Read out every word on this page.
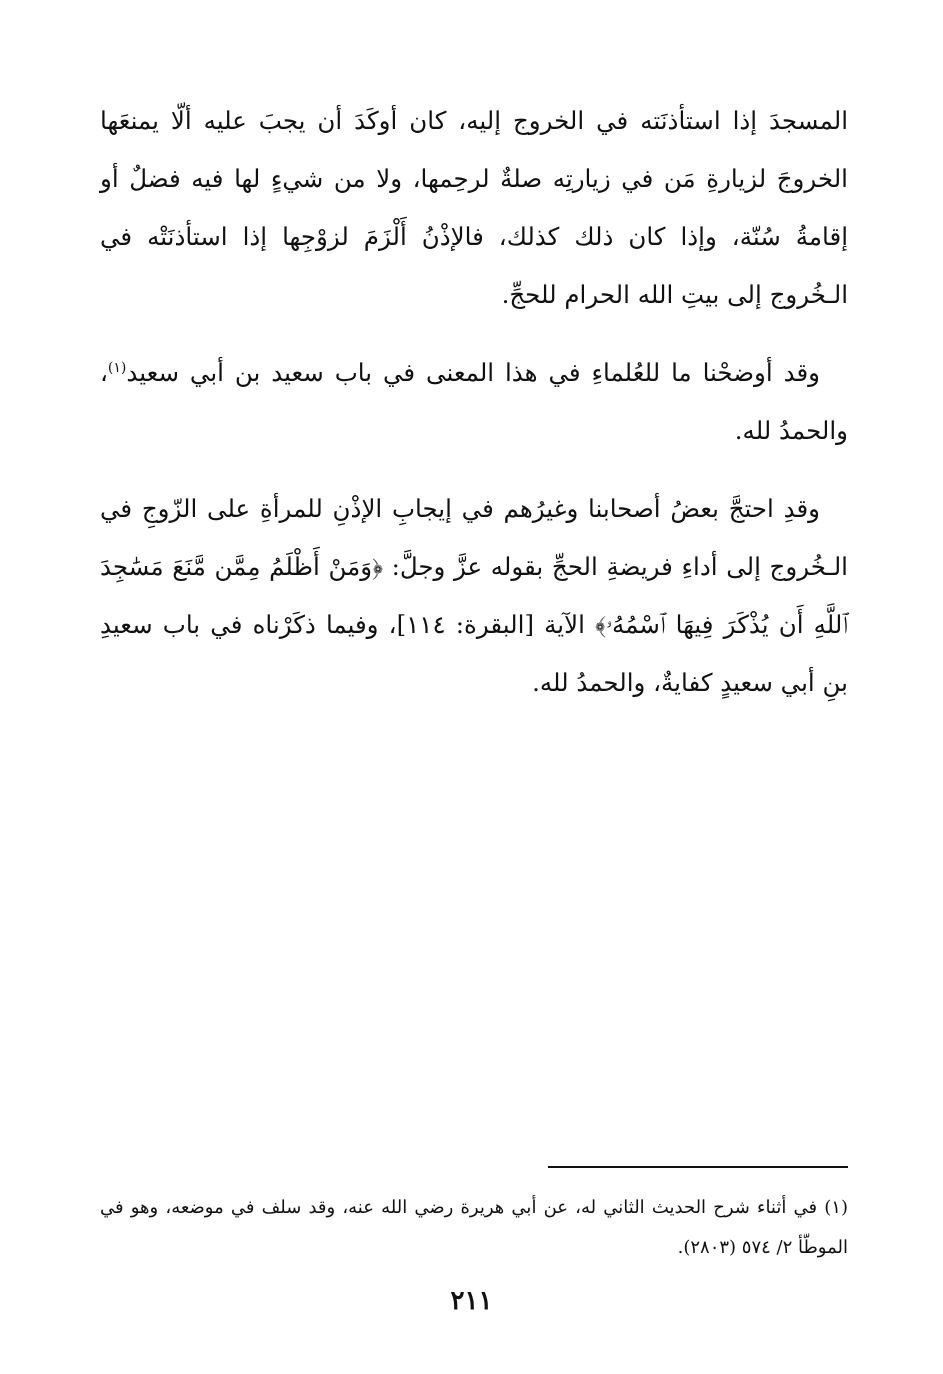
المسجدَ إذا استأذنَته في الخروج إليه، كان أوكَدَ أن يجبَ عليه ألّا يمنعَها الخروجَ لزيارةِ مَن في زيارتِه صلةٌ لرحِمها، ولا من شيءٍ لها فيه فضلٌ أو إقامةُ سُنّة، وإذا كان ذلك كذلك، فالإذْنُ أَلْزَمَ لزوْجِها إذا استأذنَتْه في الـخُروج إلى بيتِ الله الحرام للحجِّ.

وقد أوضحْنا ما للعُلماءِ في هذا المعنى في باب سعيد بن أبي سعيد$^{(١)}$، والحمدُ لله.

وقدِ احتجَّ بعضُ أصحابنا وغيرُهم في إيجابِ الإذْنِ للمرأةِ على الزّوجِ في الـخُروج إلى أداءِ فريضةِ الحجِّ بقوله عزَّ وجلَّ: ﴿وَمَنْ أَظْلَمُ مِمَّن مَّنَعَ مَسَٰجِدَ ٱللَّهِ أَن يُذْكَرَ فِيهَا ٱسْمُهُۥ﴾ الآية [البقرة: ١١٤]، وفيما ذكَرْناه في باب سعيدِ بنِ أبي سعيدٍ كفايةٌ، والحمدُ لله.

(١) في أثناء شرح الحديث الثاني له، عن أبي هريرة رضي الله عنه، وقد سلف في موضعه، وهو في الموطّأ ٢/ ٥٧٤ (٢٨٠٣).

٢١١
